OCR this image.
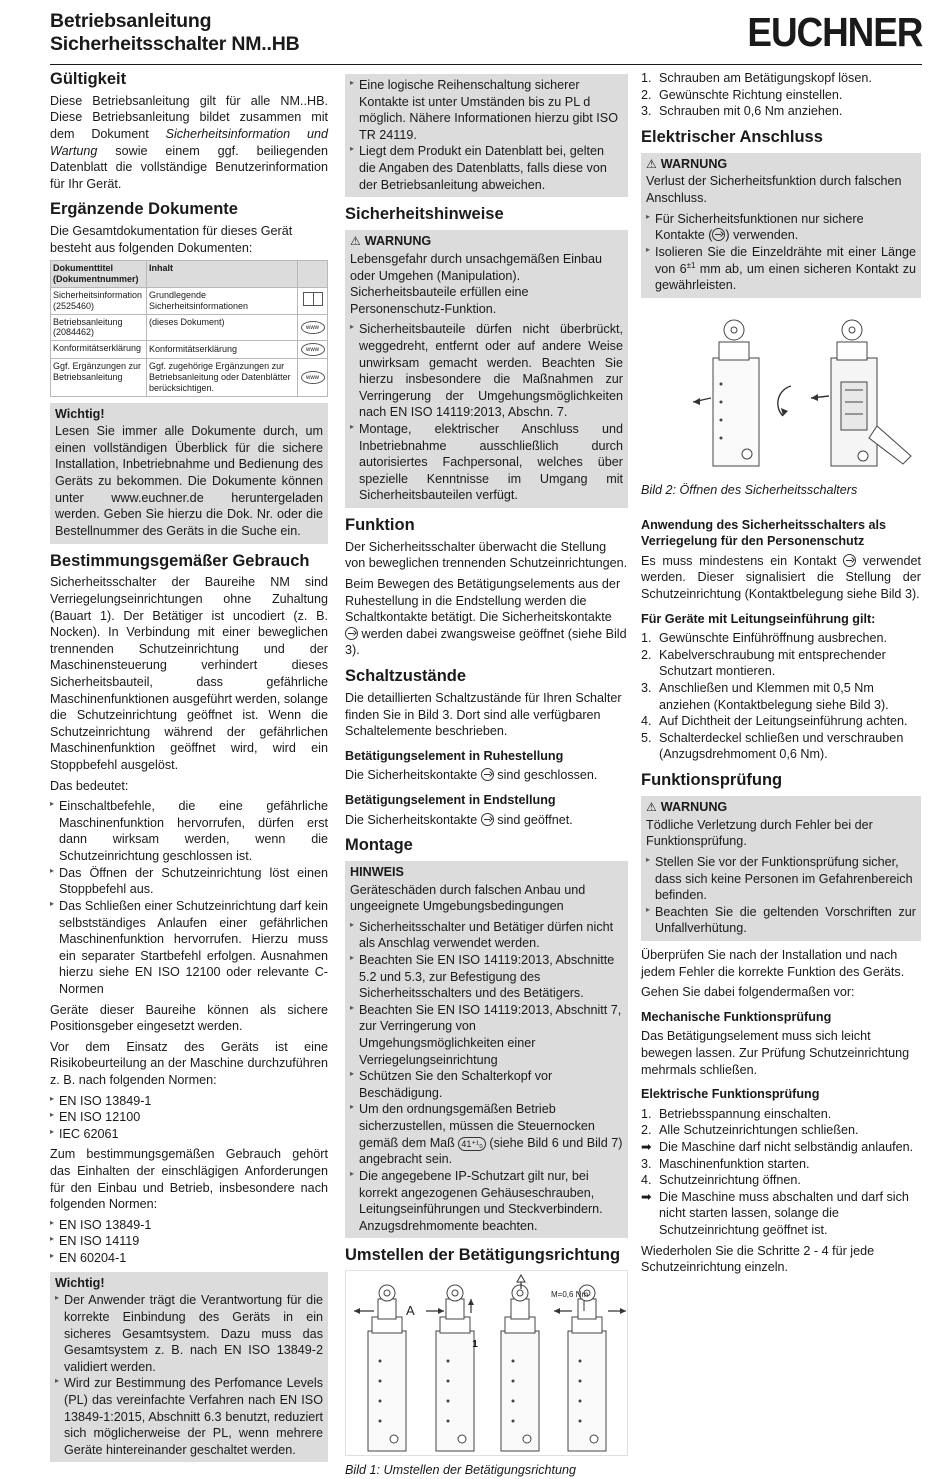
Betriebsanleitung
Sicherheitsschalter NM..HB	EUCHNER
Gültigkeit

Diese Betriebsanleitung gilt für alle NM..HB. Diese Betriebsanleitung bildet zusammen mit dem Dokument Sicherheitsinformation und Wartung sowie einem ggf. beiliegenden Datenblatt die vollständige Benutzerinformation für Ihr Gerät.

Ergänzende Dokumente

Die Gesamtdokumentation für dieses Gerät besteht aus folgenden Dokumenten:

Dokumenttitel (Dokumentnummer)	Inhalt	
Sicherheitsinformation (2525460)	Grundlegende Sicherheitsinformationen	
Betriebsanleitung (2084462)	(dieses Dokument)	www
Konformitätserklärung	Konformitätserklärung	www
Ggf. Ergänzungen zur Betriebsanleitung	Ggf. zugehörige Ergänzungen zur Betriebsanleitung oder Datenblätter berücksichtigen.	www
Wichtig!

Lesen Sie immer alle Dokumente durch, um einen vollständigen Überblick für die sichere Installation, Inbetriebnahme und Bedienung des Geräts zu bekommen. Die Dokumente können unter www.euchner.de heruntergeladen werden. Geben Sie hierzu die Dok. Nr. oder die Bestellnummer des Geräts in die Suche ein.

Bestimmungsgemäßer Gebrauch

Sicherheitsschalter der Baureihe NM sind Verriegelungseinrichtungen ohne Zuhaltung (Bauart 1). Der Betätiger ist uncodiert (z. B. Nocken). In Verbindung mit einer beweglichen trennenden Schutzeinrichtung und der Maschinensteuerung verhindert dieses Sicherheitsbauteil, dass gefährliche Maschinenfunktionen ausgeführt werden, solange die Schutzeinrichtung geöffnet ist. Wenn die Schutzeinrichtung während der gefährlichen Maschinenfunktion geöffnet wird, wird ein Stoppbefehl ausgelöst.

Das bedeutet:

▸ Einschaltbefehle, die eine gefährliche Maschinenfunktion hervorrufen, dürfen erst dann wirksam werden, wenn die Schutzeinrichtung geschlossen ist.
▸ Das Öffnen der Schutzeinrichtung löst einen Stoppbefehl aus.
▸ Das Schließen einer Schutzeinrichtung darf kein selbstständiges Anlaufen einer gefährlichen Maschinenfunktion hervorrufen. Hierzu muss ein separater Startbefehl erfolgen. Ausnahmen hierzu siehe EN ISO 12100 oder relevante C-Normen

Geräte dieser Baureihe können als sichere Positionsgeber eingesetzt werden.

Vor dem Einsatz des Geräts ist eine Risikobeurteilung an der Maschine durchzuführen z. B. nach folgenden Normen:

▸ EN ISO 13849-1
▸ EN ISO 12100
▸ IEC 62061

Zum bestimmungsgemäßen Gebrauch gehört das Einhalten der einschlägigen Anforderungen für den Einbau und Betrieb, insbesondere nach folgenden Normen:

▸ EN ISO 13849-1
▸ EN ISO 14119
▸ EN 60204-1
Wichtig!
▸ Der Anwender trägt die Verantwortung für die korrekte Einbindung des Geräts in ein sicheres Gesamtsystem. Dazu muss das Gesamtsystem z. B. nach EN ISO 13849-2 validiert werden.
▸ Wird zur Bestimmung des Perfomance Levels (PL) das vereinfachte Verfahren nach EN ISO 13849-1:2015, Abschnitt 6.3 benutzt, reduziert sich möglicherweise der PL, wenn mehrere Geräte hintereinander geschaltet werden.
▸ Eine logische Reihenschaltung sicherer Kontakte ist unter Umständen bis zu PL d möglich. Nähere Informationen hierzu gibt ISO TR 24119.
▸ Liegt dem Produkt ein Datenblatt bei, gelten die Angaben des Datenblatts, falls diese von der Betriebsanleitung abweichen.
Sicherheitshinweise
⚠ WARNUNG

Lebensgefahr durch unsachgemäßen Einbau oder Umgehen (Manipulation). Sicherheitsbauteile erfüllen eine Personenschutz-Funktion.

▸ Sicherheitsbauteile dürfen nicht überbrückt, weggedreht, entfernt oder auf andere Weise unwirksam gemacht werden. Beachten Sie hierzu insbesondere die Maßnahmen zur Verringerung der Umgehungsmöglichkeiten nach EN ISO 14119:2013, Abschn. 7.
▸ Montage, elektrischer Anschluss und Inbetriebnahme ausschließlich durch autorisiertes Fachpersonal, welches über spezielle Kenntnisse im Umgang mit Sicherheitsbauteilen verfügt.
Funktion

Der Sicherheitsschalter überwacht die Stellung von beweglichen trennenden Schutzeinrichtungen.

Beim Bewegen des Betätigungselements aus der Ruhestellung in die Endstellung werden die Schaltkontakte betätigt. Die Sicherheitskontakte  werden dabei zwangsweise geöffnet (siehe Bild 3).

Schaltzustände

Die detaillierten Schaltzustände für Ihren Schalter finden Sie in Bild 3. Dort sind alle verfügbaren Schaltelemente beschrieben.

Betätigungselement in Ruhestellung

Die Sicherheitskontakte  sind geschlossen.

Betätigungselement in Endstellung

Die Sicherheitskontakte  sind geöffnet.

Montage
HINWEIS

Geräteschäden durch falschen Anbau und ungeeignete Umgebungsbedingungen

▸ Sicherheitsschalter und Betätiger dürfen nicht als Anschlag verwendet werden.
▸ Beachten Sie EN ISO 14119:2013, Abschnitte 5.2 und 5.3, zur Befestigung des Sicherheitsschalters und des Betätigers.
▸ Beachten Sie EN ISO 14119:2013, Abschnitt 7, zur Verringerung von Umgehungsmöglichkeiten einer Verriegelungseinrichtung
▸ Schützen Sie den Schalterkopf vor Beschädigung.
▸ Um den ordnungsgemäßen Betrieb sicherzustellen, müssen die Steuernocken gemäß dem Maß 41⁺¹₀ (siehe Bild 6 und Bild 7) angebracht sein.
▸ Die angegebene IP-Schutzart gilt nur, bei korrekt angezogenen Gehäuseschrauben, Leitungseinführungen und Steckverbindern. Anzugsdrehmomente beachten.
Umstellen der Betätigungsrichtung
A
M=0,6 Nm
Bild 1: Umstellen der Betätigungsrichtung
1. Schrauben am Betätigungskopf lösen.
2. Gewünschte Richtung einstellen.
3. Schrauben mit 0,6 Nm anziehen.
Elektrischer Anschluss
⚠ WARNUNG

Verlust der Sicherheitsfunktion durch falschen Anschluss.

▸ Für Sicherheitsfunktionen nur sichere Kontakte ( ) verwenden.
▸ Isolieren Sie die Einzeldrähte mit einer Länge von $6^{\pm 1}$ mm ab, um einen sicheren Kontakt zu gewährleisten.
Bild 2: Öffnen des Sicherheitsschalters
Anwendung des Sicherheitsschalters als Verriegelung für den Personenschutz

Es muss mindestens ein Kontakt  verwendet werden. Dieser signalisiert die Stellung der Schutzeinrichtung (Kontaktbelegung siehe Bild 3).

Für Geräte mit Leitungseinführung gilt:
1. Gewünschte Einführöffnung ausbrechen.
2. Kabelverschraubung mit entsprechender Schutzart montieren.
3. Anschließen und Klemmen mit 0,5 Nm anziehen (Kontaktbelegung siehe Bild 3).
4. Auf Dichtheit der Leitungseinführung achten.
5. Schalterdeckel schließen und verschrauben (Anzugsdrehmoment 0,6 Nm).
Funktionsprüfung
⚠ WARNUNG

Tödliche Verletzung durch Fehler bei der Funktionsprüfung.

▸ Stellen Sie vor der Funktionsprüfung sicher, dass sich keine Personen im Gefahrenbereich befinden.
▸ Beachten Sie die geltenden Vorschriften zur Unfallverhütung.

Überprüfen Sie nach der Installation und nach jedem Fehler die korrekte Funktion des Geräts.

Gehen Sie dabei folgendermaßen vor:

Mechanische Funktionsprüfung

Das Betätigungselement muss sich leicht bewegen lassen. Zur Prüfung Schutzeinrichtung mehrmals schließen.

Elektrische Funktionsprüfung
1. Betriebsspannung einschalten.
2. Alle Schutzeinrichtungen schließen.
➡ Die Maschine darf nicht selbständig anlaufen.
3. Maschinenfunktion starten.
4. Schutzeinrichtung öffnen.
➡ Die Maschine muss abschalten und darf sich nicht starten lassen, solange die Schutzeinrichtung geöffnet ist.

Wiederholen Sie die Schritte 2 - 4 für jede Schutzeinrichtung einzeln.

1
